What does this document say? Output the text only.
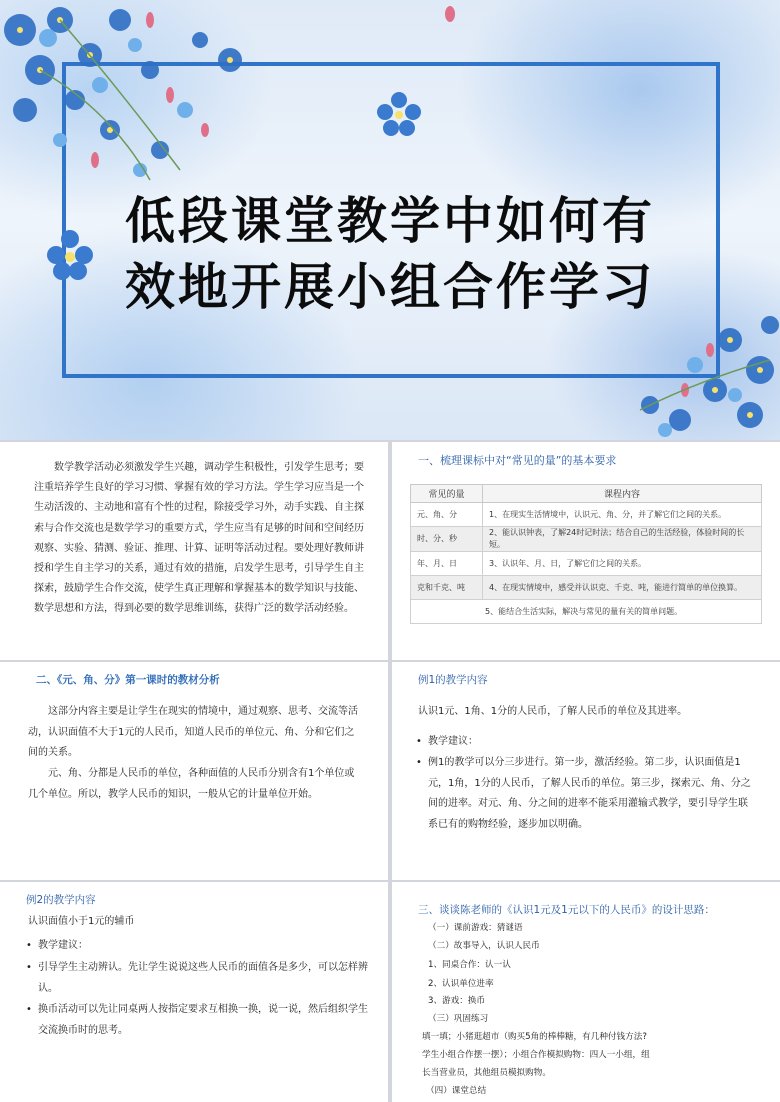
低段课堂教学中如何有
效地开展小组合作学习
数学教学活动必须激发学生兴趣，调动学生积极性，引发学生思考；要注重培养学生良好的学习习惯、掌握有效的学习方法。学生学习应当是一个生动活泼的、主动地和富有个性的过程，除接受学习外，动手实践、自主探索与合作交流也是数学学习的重要方式，学生应当有足够的时间和空间经历观察、实验、猜测、验证、推理、计算、证明等活动过程。要处理好教师讲授和学生自主学习的关系，通过有效的措施，启发学生思考，引导学生自主探索，鼓励学生合作交流，使学生真正理解和掌握基本的数学知识与技能、数学思想和方法，得到必要的数学思维训练，获得广泛的数学活动经验。
一、梳理课标中对“常见的量”的基本要求
常见的量	课程内容
元、角、分	1、在现实生活情境中，认识元、角、分，并了解它们之间的关系。
时、分、秒	2、能认识钟表，了解24时记时法；结合自己的生活经验，体验时间的长短。
年、月、日	3、认识年、月、日，了解它们之间的关系。
克和千克、吨	4、在现实情境中，感受并认识克、千克、吨，能进行简单的单位换算。
5、能结合生活实际，解决与常见的量有关的简单问题。	
二、《元、角、分》第一课时的教材分析
这部分内容主要是让学生在现实的情境中，通过观察、思考、交流等活动，认识面值不大于1元的人民币，知道人民币的单位元、角、分和它们之间的关系。
元、角、分都是人民币的单位，各种面值的人民币分别含有1个单位或几个单位。所以，教学人民币的知识，一般从它的计量单位开始。
例1的教学内容
认识1元、1角、1分的人民币，了解人民币的单位及其进率。
• 教学建议：
• 例1的教学可以分三步进行。第一步，激活经验。第二步，认识面值是1元，1角，1分的人民币，了解人民币的单位。第三步，探索元、角、分之间的进率。对元、角、分之间的进率不能采用灌输式教学，要引导学生联系已有的购物经验，逐步加以明确。
例2的教学内容
认识面值小于1元的辅币
• 教学建议：
• 引导学生主动辨认。先让学生说说这些人民币的面值各是多少，可以怎样辨认。
• 换币活动可以先让同桌两人按指定要求互相换一换，说一说，然后组织学生交流换币时的思考。
三、谈谈陈老师的《认识1元及1元以下的人民币》的设计思路：
（一）课前游戏：猜谜语
（二）故事导入，认识人民币
1、同桌合作：认一认
2、认识单位进率
3、游戏：换币
（三）巩固练习
填一填；小猪逛超市（购买5角的棒棒糖，有几种付钱方法?
学生小组合作摆一摆）；小组合作模拟购物：四人一小组，组
长当营业员，其他组员模拟购物。
（四）课堂总结
